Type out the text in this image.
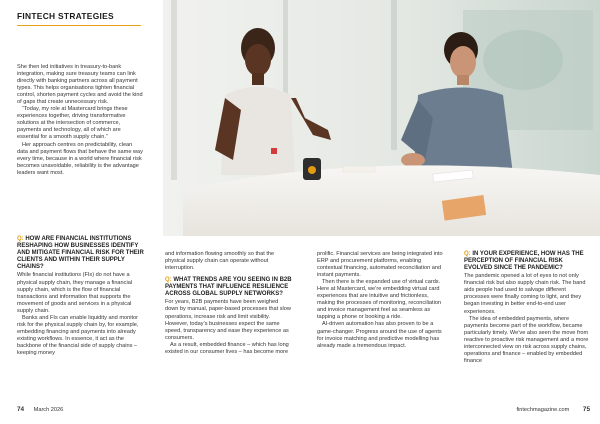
FINTECH STRATEGIES

She then led initiatives in treasury-to-bank integration, making sure treasury teams can link directly with banking partners across all payment types. This helps organisations tighten financial control, shorten payment cycles and avoid the kind of gaps that create unnecessary risk.

“Today, my role at Mastercard brings these experiences together, driving transformative solutions at the intersection of commerce, payments and technology, all of which are essential for a smooth supply chain.”

Her approach centres on predictability, clean data and payment flows that behave the same way every time, because in a world where financial risk becomes unavoidable, reliability is the advantage leaders want most.

Q: HOW ARE FINANCIAL INSTITUTIONS RESHAPING HOW BUSINESSES IDENTIFY AND MITIGATE FINANCIAL RISK FOR THEIR CLIENTS AND WITHIN THEIR SUPPLY CHAINS?

While financial institutions (FIs) do not have a physical supply chain, they manage a financial supply chain, which is the flow of financial transactions and information that supports the movement of goods and services in a physical supply chain.

Banks and FIs can enable liquidity and monitor risk for the physical supply chain by, for example, embedding financing and payments into already existing workflows. In essence, it act as the backbone of the financial side of supply chains – keeping money

and information flowing smoothly so that the physical supply chain can operate without interruption.

Q: WHAT TRENDS ARE YOU SEEING IN B2B PAYMENTS THAT INFLUENCE RESILIENCE ACROSS GLOBAL SUPPLY NETWORKS?

For years, B2B payments have been weighed down by manual, paper-based processes that slow operations, increase risk and limit visibility. However, today’s businesses expect the same speed, transparency and ease they experience as consumers.

As a result, embedded finance – which has long existed in our consumer lives – has become more

prolific. Financial services are being integrated into ERP and procurement platforms, enabling contextual financing, automated reconciliation and instant payments.

Then there is the expanded use of virtual cards. Here at Mastercard, we’re embedding virtual card experiences that are intuitive and frictionless, making the processes of monitoring, reconciliation and invoice management feel as seamless as tapping a phone or booking a ride.

AI-driven automation has also proven to be a game-changer. Progress around the use of agents for invoice matching and predictive modelling has already made a tremendous impact.

Q: IN YOUR EXPERIENCE, HOW HAS THE PERCEPTION OF FINANCIAL RISK EVOLVED SINCE THE PANDEMIC?

The pandemic opened a lot of eyes to not only financial risk but also supply chain risk. The band aids people had used to salvage different processes were finally coming to light, and they began investing in better end-to-end user experiences.

The idea of embedded payments, where payments become part of the workflow, became particularly timely. We’ve also seen the move from reactive to proactive risk management and a more interconnected view on risk across supply chains, operations and finance – enabled by embedded finance

74 March 2026	fintechmagazine.com 75
